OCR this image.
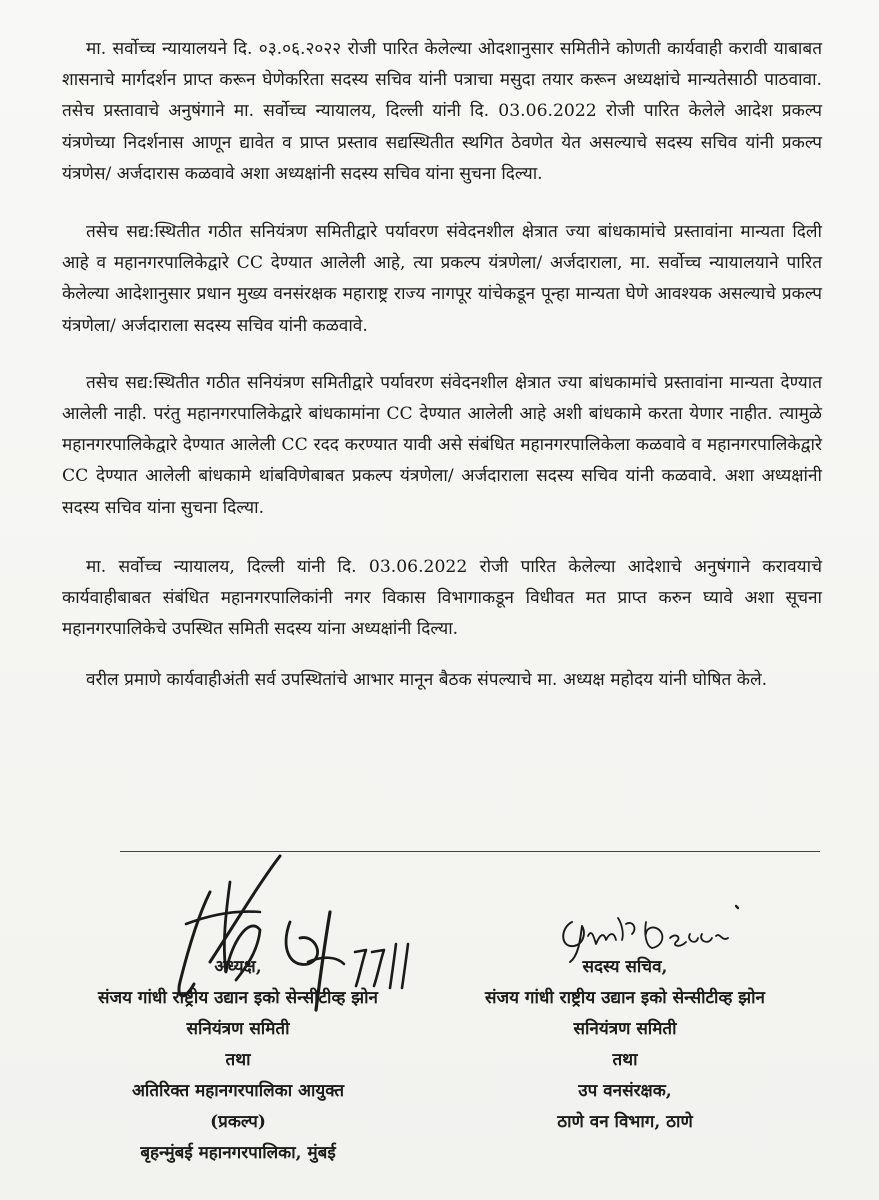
मा. सर्वोच्च न्यायालयने दि. ०३.०६.२०२२ रोजी पारित केलेल्या ओदशानुसार समितीने कोणती कार्यवाही करावी याबाबत शासनाचे मार्गदर्शन प्राप्त करून घेणेकरिता सदस्य सचिव यांनी पत्राचा मसुदा तयार करून अध्यक्षांचे मान्यतेसाठी पाठवावा. तसेच प्रस्तावाचे अनुषंगाने मा. सर्वोच्च न्यायालय, दिल्ली यांनी दि. 03.06.2022 रोजी पारित केलेले आदेश प्रकल्प यंत्रणेच्या निदर्शनास आणून द्यावेत व प्राप्त प्रस्ताव सद्यस्थितीत स्थगित ठेवणेत येत असल्याचे सदस्य सचिव यांनी प्रकल्प यंत्रणेस/ अर्जदारास कळवावे अशा अध्यक्षांनी सदस्य सचिव यांना सुचना दिल्या.

तसेच सद्य:स्थितीत गठीत सनियंत्रण समितीद्वारे पर्यावरण संवेदनशील क्षेत्रात ज्या बांधकामांचे प्रस्तावांना मान्यता दिली आहे व महानगरपालिकेद्वारे CC देण्यात आलेली आहे, त्या प्रकल्प यंत्रणेला/ अर्जदाराला, मा. सर्वोच्च न्यायालयाने पारित केलेल्या आदेशानुसार प्रधान मुख्य वनसंरक्षक महाराष्ट्र राज्य नागपूर यांचेकडून पून्हा मान्यता घेणे आवश्यक असल्याचे प्रकल्प यंत्रणेला/ अर्जदाराला सदस्य सचिव यांनी कळवावे.

तसेच सद्य:स्थितीत गठीत सनियंत्रण समितीद्वारे पर्यावरण संवेदनशील क्षेत्रात ज्या बांधकामांचे प्रस्तावांना मान्यता देण्यात आलेली नाही. परंतु महानगरपालिकेद्वारे बांधकामांना CC देण्यात आलेली आहे अशी बांधकामे करता येणार नाहीत. त्यामुळे महानगरपालिकेद्वारे देण्यात आलेली CC रदद करण्यात यावी असे संबंधित महानगरपालिकेला कळवावे व महानगरपालिकेद्वारे CC देण्यात आलेली बांधकामे थांबविणेबाबत प्रकल्प यंत्रणेला/ अर्जदाराला सदस्य सचिव यांनी कळवावे. अशा अध्यक्षांनी सदस्य सचिव यांना सुचना दिल्या.

मा. सर्वोच्च न्यायालय, दिल्ली यांनी दि. 03.06.2022 रोजी पारित केलेल्या आदेशाचे अनुषंगाने करावयाचे कार्यवाहीबाबत संबंधित महानगरपालिकांनी नगर विकास विभागाकडून विधीवत मत प्राप्त करुन घ्यावे अशा सूचना महानगरपालिकेचे उपस्थित समिती सदस्य यांना अध्यक्षांनी दिल्या.

वरील प्रमाणे कार्यवाहीअंती सर्व उपस्थितांचे आभार मानून बैठक संपल्याचे मा. अध्यक्ष महोदय यांनी घोषित केले.

अध्यक्ष,
संजय गांधी राष्ट्रीय उद्यान इको सेन्सीटीव्ह झोन
सनियंत्रण समिती
तथा
अतिरिक्त महानगरपालिका आयुक्त
(प्रकल्प)
बृहन्मुंबई महानगरपालिका, मुंबई
सदस्य सचिव,
संजय गांधी राष्ट्रीय उद्यान इको सेन्सीटीव्ह झोन
सनियंत्रण समिती
तथा
उप वनसंरक्षक,
ठाणे वन विभाग, ठाणे
